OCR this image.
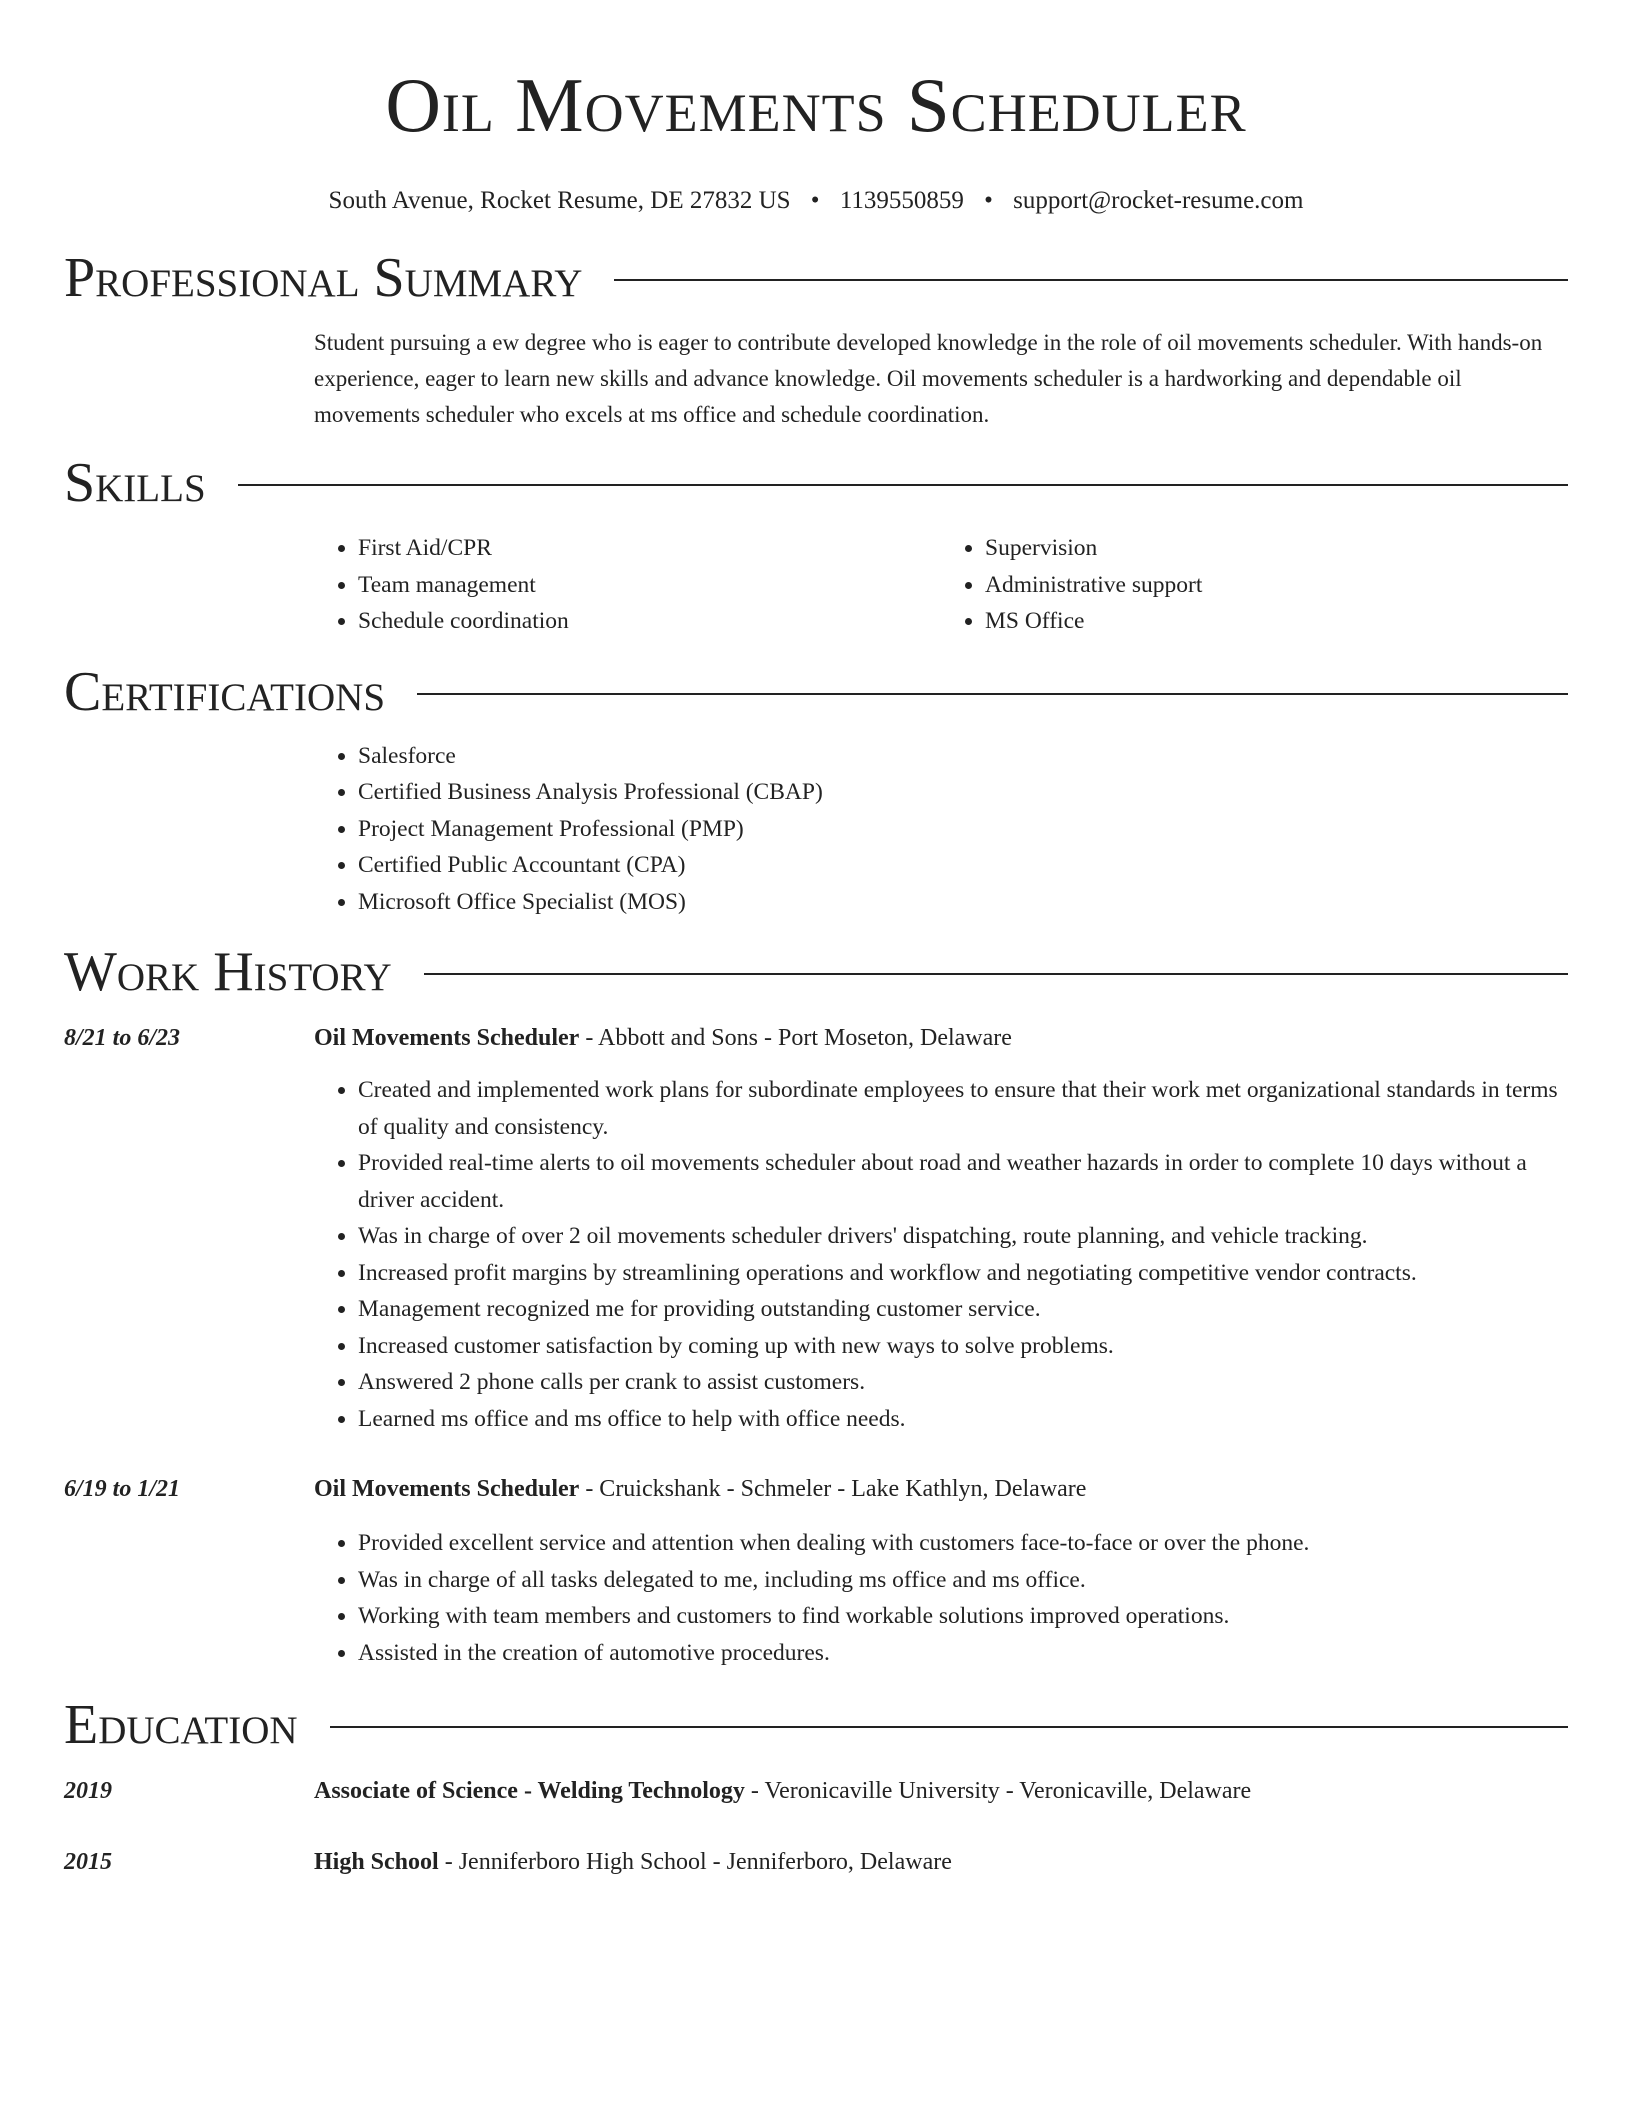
Oil Movements Scheduler
South Avenue, Rocket Resume, DE 27832 US • 1139550859 • support@rocket-resume.com
Professional Summary
Student pursuing a ew degree who is eager to contribute developed knowledge in the role of oil movements scheduler. With hands-on experience, eager to learn new skills and advance knowledge. Oil movements scheduler is a hardworking and dependable oil movements scheduler who excels at ms office and schedule coordination.
Skills
• First Aid/CPR
• Team management
• Schedule coordination
• Supervision
• Administrative support
• MS Office
Certifications
• Salesforce
• Certified Business Analysis Professional (CBAP)
• Project Management Professional (PMP)
• Certified Public Accountant (CPA)
• Microsoft Office Specialist (MOS)
Work History
8/21 to 6/23	Oil Movements Scheduler - Abbott and Sons - Port Moseton, Delaware
• Created and implemented work plans for subordinate employees to ensure that their work met organizational standards in terms of quality and consistency.
• Provided real-time alerts to oil movements scheduler about road and weather hazards in order to complete 10 days without a driver accident.
• Was in charge of over 2 oil movements scheduler drivers' dispatching, route planning, and vehicle tracking.
• Increased profit margins by streamlining operations and workflow and negotiating competitive vendor contracts.
• Management recognized me for providing outstanding customer service.
• Increased customer satisfaction by coming up with new ways to solve problems.
• Answered 2 phone calls per crank to assist customers.
• Learned ms office and ms office to help with office needs.
6/19 to 1/21	Oil Movements Scheduler - Cruickshank - Schmeler - Lake Kathlyn, Delaware
• Provided excellent service and attention when dealing with customers face-to-face or over the phone.
• Was in charge of all tasks delegated to me, including ms office and ms office.
• Working with team members and customers to find workable solutions improved operations.
• Assisted in the creation of automotive procedures.
Education
2019	Associate of Science - Welding Technology - Veronicaville University - Veronicaville, Delaware
2015	High School - Jenniferboro High School - Jenniferboro, Delaware
